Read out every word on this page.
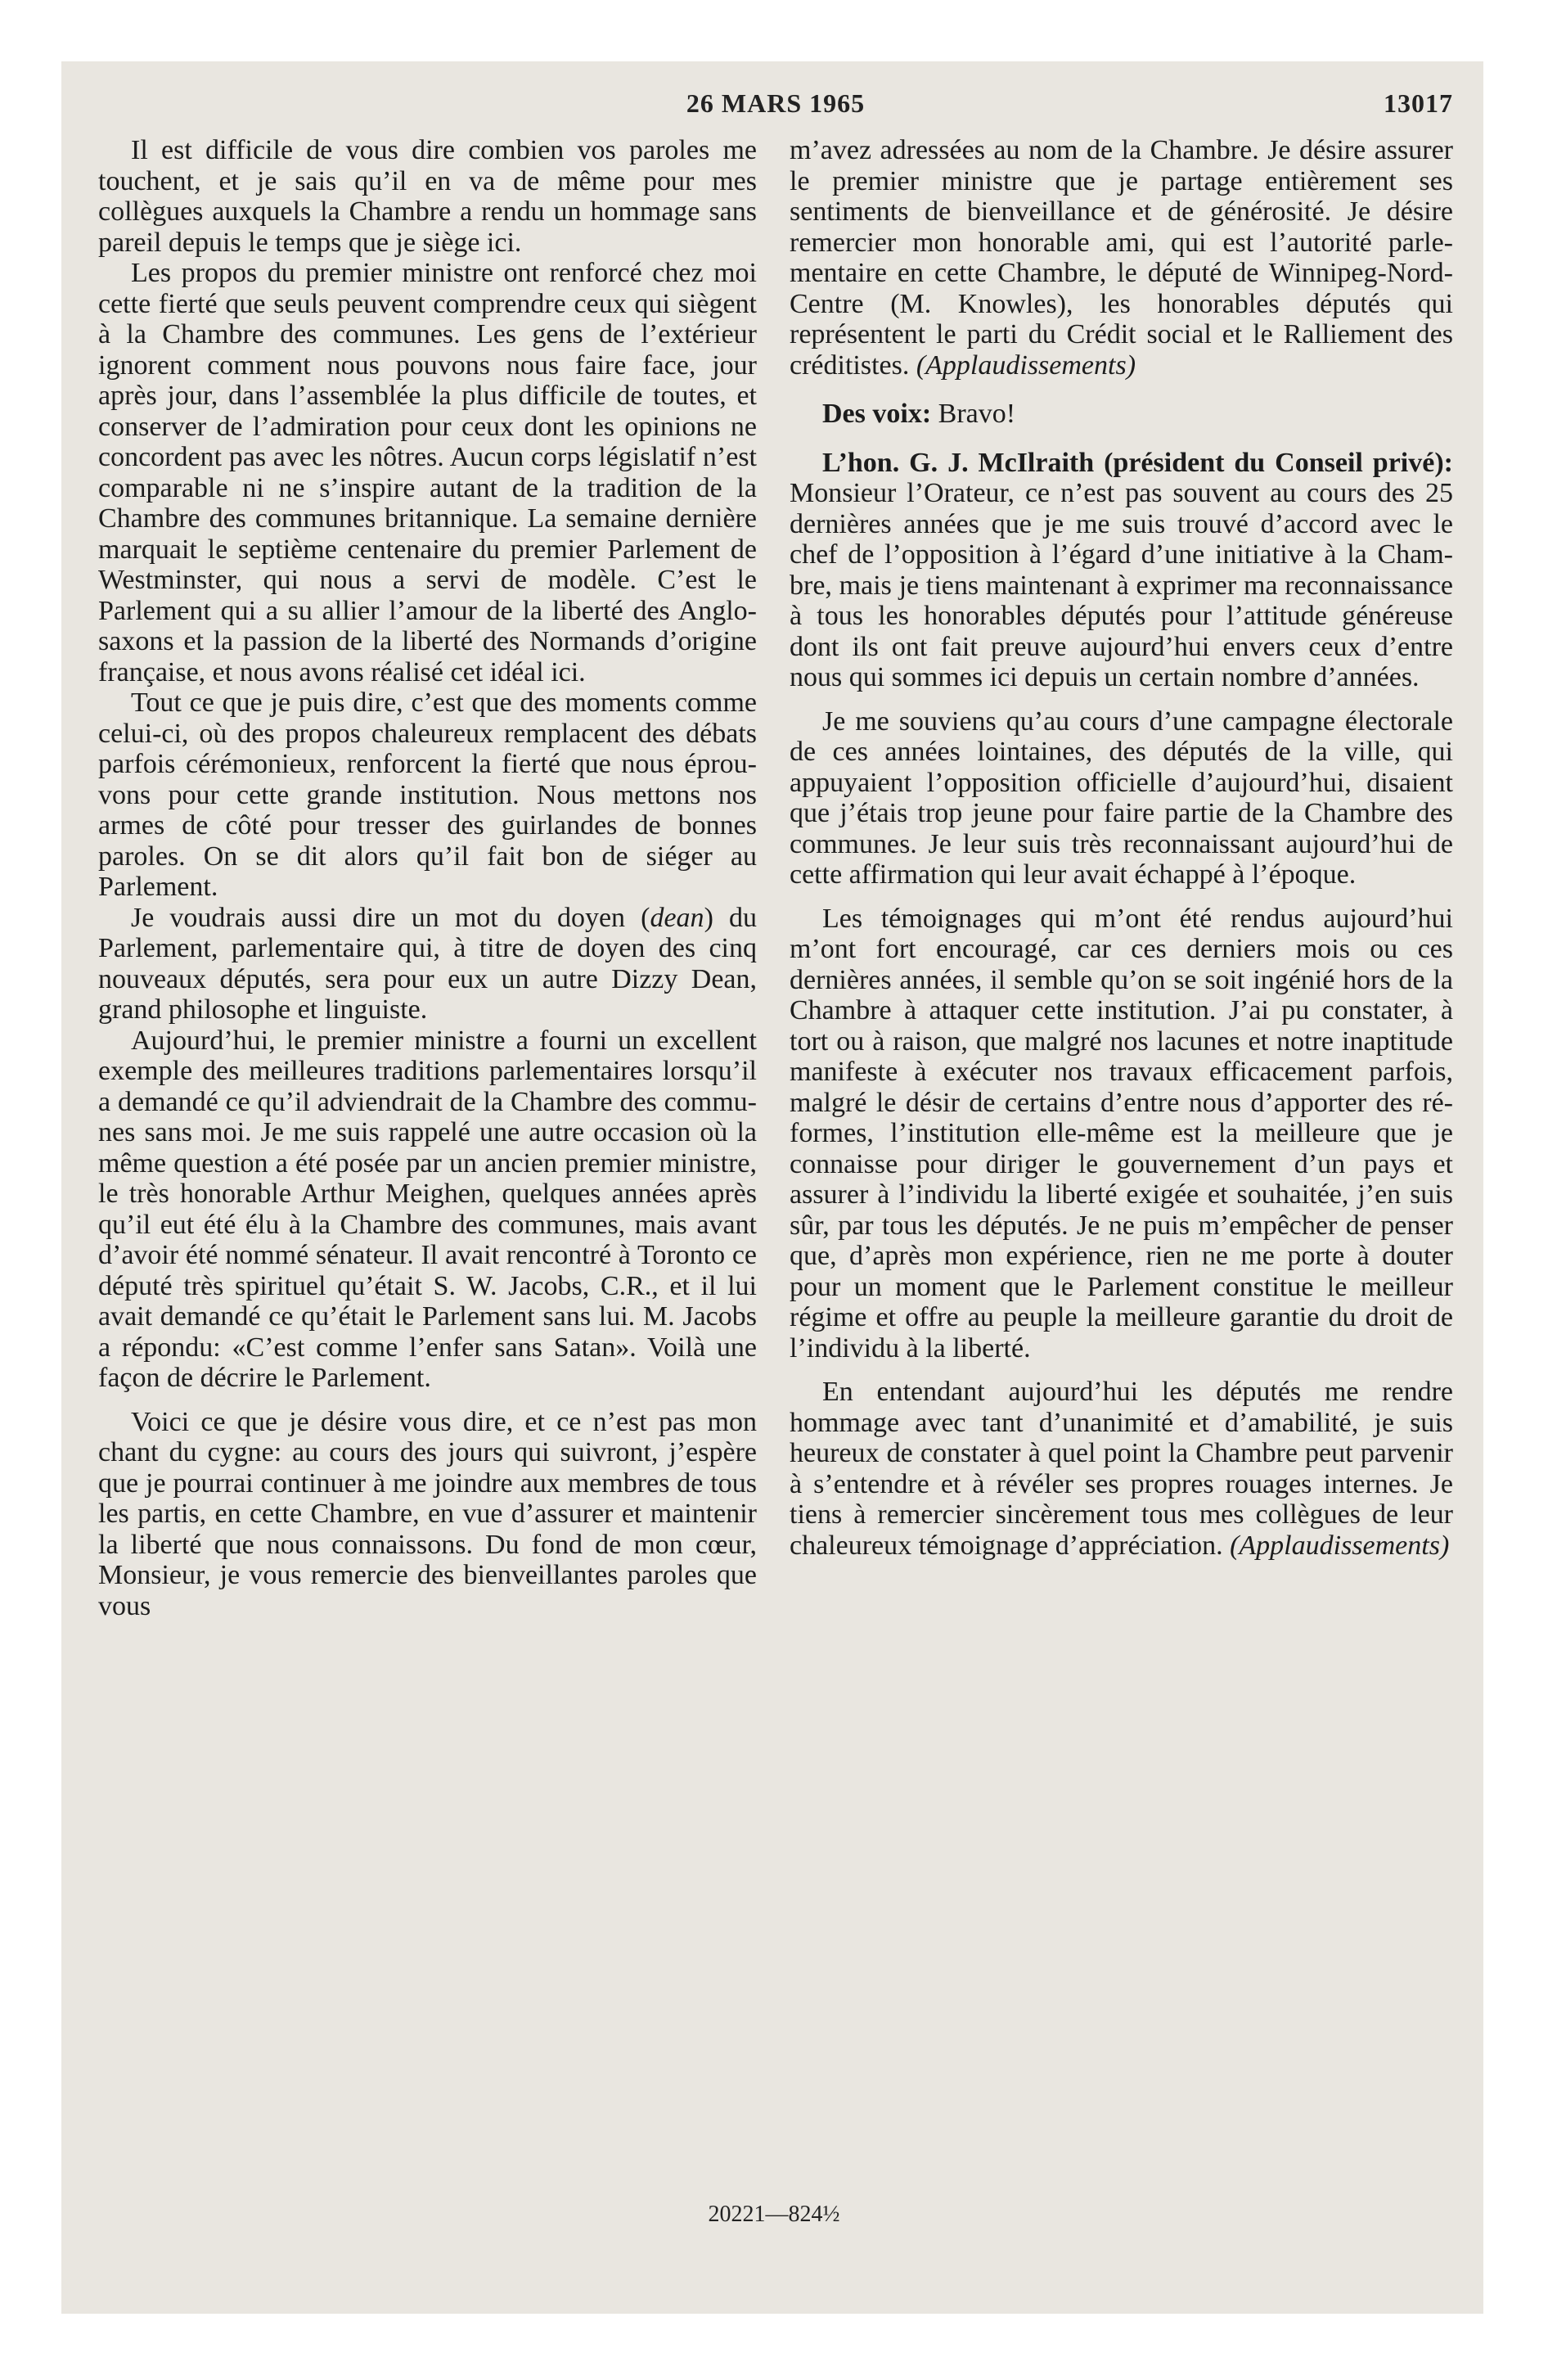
26 MARS 1965	13017

Il est difficile de vous dire combien vos paroles me touchent, et je sais qu’il en va de même pour mes collègues auxquels la Chambre a rendu un hommage sans pareil depuis le temps que je siège ici.

Les propos du premier ministre ont renforcé chez moi cette fierté que seuls peuvent comprendre ceux qui siègent à la Chambre des communes. Les gens de l’extérieur ignorent comment nous pouvons nous faire face, jour après jour, dans l’assemblée la plus difficile de toutes, et conserver de l’admiration pour ceux dont les opinions ne concordent pas avec les nôtres. Aucun corps législatif n’est comparable ni ne s’inspire autant de la tradition de la Chambre des communes britannique. La semaine dernière marquait le septième centenaire du premier Parlement de Westminster, qui nous a servi de modèle. C’est le Parlement qui a su allier l’amour de la liberté des Anglo-saxons et la passion de la liberté des Normands d’origine française, et nous avons réalisé cet idéal ici.

Tout ce que je puis dire, c’est que des moments comme celui-ci, où des propos chaleureux remplacent des débats parfois cérémonieux, renforcent la fierté que nous éprouvons pour cette grande institution. Nous mettons nos armes de côté pour tresser des guirlandes de bonnes paroles. On se dit alors qu’il fait bon de siéger au Parlement.

Je voudrais aussi dire un mot du doyen (dean) du Parlement, parlementaire qui, à titre de doyen des cinq nouveaux députés, sera pour eux un autre Dizzy Dean, grand philosophe et linguiste.

Aujourd’hui, le premier ministre a fourni un excellent exemple des meilleures traditions parlementaires lorsqu’il a demandé ce qu’il adviendrait de la Chambre des communes sans moi. Je me suis rappelé une autre occasion où la même question a été posée par un ancien premier ministre, le très honorable Arthur Meighen, quelques années après qu’il eut été élu à la Chambre des communes, mais avant d’avoir été nommé sénateur. Il avait rencontré à Toronto ce député très spirituel qu’était S. W. Jacobs, C.R., et il lui avait demandé ce qu’était le Parlement sans lui. M. Jacobs a répondu: «C’est comme l’enfer sans Satan». Voilà une façon de décrire le Parlement.

Voici ce que je désire vous dire, et ce n’est pas mon chant du cygne: au cours des jours qui suivront, j’espère que je pourrai continuer à me joindre aux membres de tous les partis, en cette Chambre, en vue d’assurer et maintenir la liberté que nous connaissons. Du fond de mon cœur, Monsieur, je vous remercie des bienveillantes paroles que vous

m’avez adressées au nom de la Chambre. Je désire assurer le premier ministre que je partage entièrement ses sentiments de bienveillance et de générosité. Je désire remercier mon honorable ami, qui est l’autorité parlementaire en cette Chambre, le député de Winnipeg-Nord-Centre (M. Knowles), les honorables députés qui représentent le parti du Crédit social et le Ralliement des créditistes. (Applaudissements)

Des voix: Bravo!

L’hon. G. J. McIlraith (président du Conseil privé): Monsieur l’Orateur, ce n’est pas souvent au cours des 25 dernières années que je me suis trouvé d’accord avec le chef de l’opposition à l’égard d’une initiative à la Chambre, mais je tiens maintenant à exprimer ma reconnaissance à tous les honorables députés pour l’attitude généreuse dont ils ont fait preuve aujourd’hui envers ceux d’entre nous qui sommes ici depuis un certain nombre d’années.

Je me souviens qu’au cours d’une campagne électorale de ces années lointaines, des députés de la ville, qui appuyaient l’opposition officielle d’aujourd’hui, disaient que j’étais trop jeune pour faire partie de la Chambre des communes. Je leur suis très reconnaissant aujourd’hui de cette affirmation qui leur avait échappé à l’époque.

Les témoignages qui m’ont été rendus aujourd’hui m’ont fort encouragé, car ces derniers mois ou ces dernières années, il semble qu’on se soit ingénié hors de la Chambre à attaquer cette institution. J’ai pu constater, à tort ou à raison, que malgré nos lacunes et notre inaptitude manifeste à exécuter nos travaux efficacement parfois, malgré le désir de certains d’entre nous d’apporter des réformes, l’institution elle-même est la meilleure que je connaisse pour diriger le gouvernement d’un pays et assurer à l’individu la liberté exigée et souhaitée, j’en suis sûr, par tous les députés. Je ne puis m’empêcher de penser que, d’après mon expérience, rien ne me porte à douter pour un moment que le Parlement constitue le meilleur régime et offre au peuple la meilleure garantie du droit de l’individu à la liberté.

En entendant aujourd’hui les députés me rendre hommage avec tant d’unanimité et d’amabilité, je suis heureux de constater à quel point la Chambre peut parvenir à s’entendre et à révéler ses propres rouages internes. Je tiens à remercier sincèrement tous mes collègues de leur chaleureux témoignage d’appréciation. (Applaudissements)

20221—824½
